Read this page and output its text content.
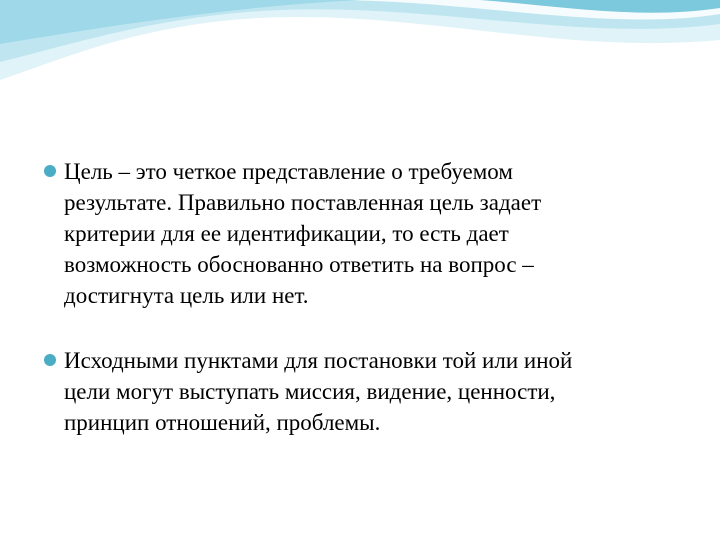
Цель – это четкое представление о требуемом
результате. Правильно поставленная цель задает
критерии для ее идентификации, то есть дает
возможность обоснованно ответить на вопрос –
достигнута цель или нет.
Исходными пунктами для постановки той или иной
цели могут выступать миссия, видение, ценности,
принцип отношений, проблемы.
